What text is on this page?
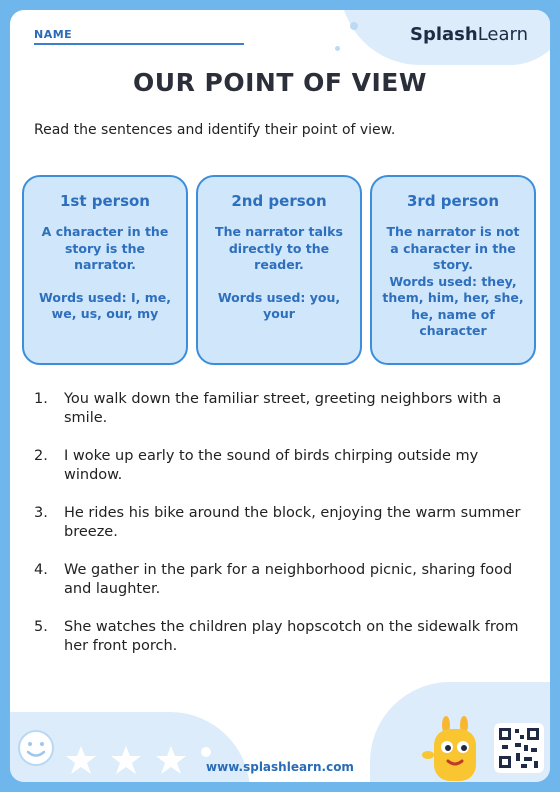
NAME	SplashLearn
OUR POINT OF VIEW
Read the sentences and identify their point of view.
1st person

A character in the story is the narrator.

Words used: I, me, we, us, our, my

2nd person

The narrator talks directly to the reader.

Words used: you, your

3rd person

The narrator is not a character in the story.

Words used: they, them, him, her, she, he, name of character

1. You walk down the familiar street, greeting neighbors with a smile.
2. I woke up early to the sound of birds chirping outside my window.
3. He rides his bike around the block, enjoying the warm summer breeze.
4. We gather in the park for a neighborhood picnic, sharing food and laughter.
5. She watches the children play hopscotch on the sidewalk from her front porch.
www.splashlearn.com
